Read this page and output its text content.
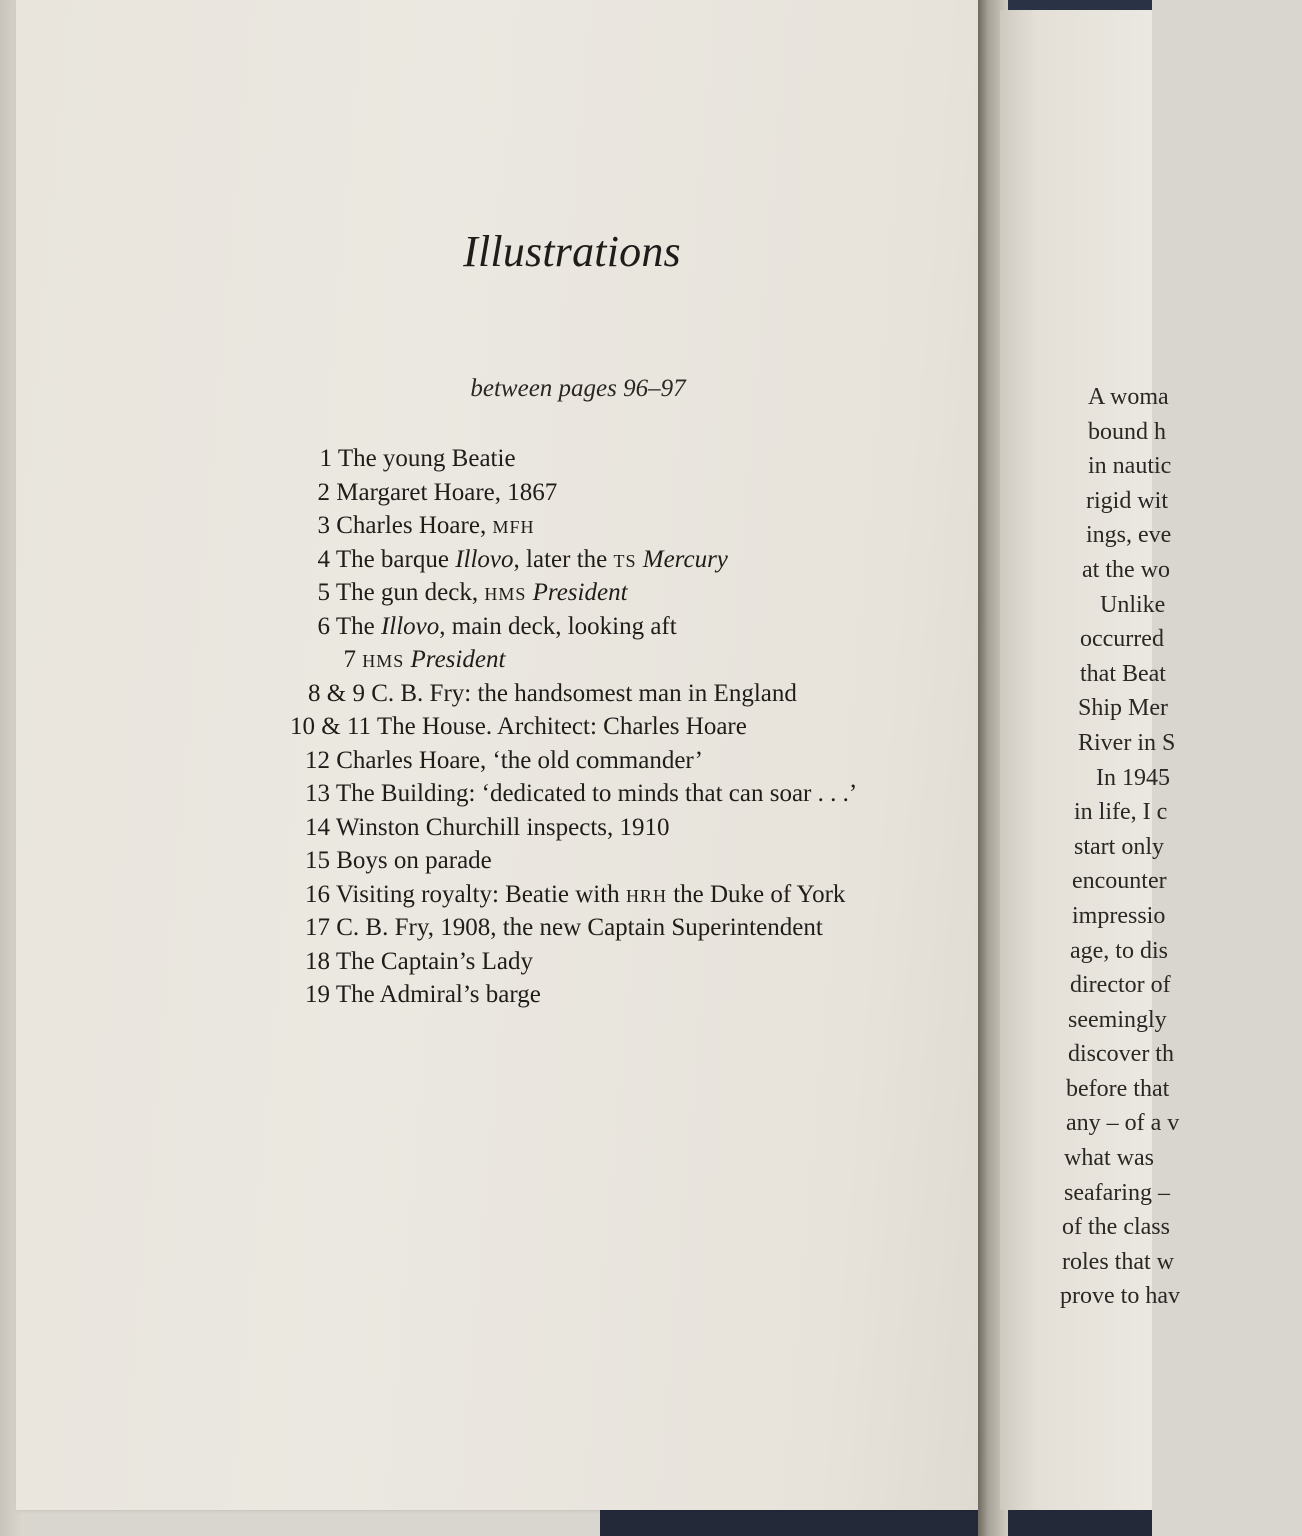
A woma
bound h
in nautic
rigid wit
ings, eve
at the wo
Unlike
occurred
that Beat
Ship Mer
River in S
In 1945
in life, I c
start only
encounter
impressio
age, to dis
director of
seemingly
discover th
before that
any – of a v
what was
seafaring –
of the class
roles that w
prove to hav
Illustrations
between pages 96–97
1 The young Beatie
2 Margaret Hoare, 1867
3 Charles Hoare, MFH
4 The barque Illovo, later the TS Mercury
5 The gun deck, HMS President
6 The Illovo, main deck, looking aft
7 HMS President
8 & 9 C. B. Fry: the handsomest man in England
10 & 11 The House. Architect: Charles Hoare
12 Charles Hoare, ‘the old commander’
13 The Building: ‘dedicated to minds that can soar . . .’
14 Winston Churchill inspects, 1910
15 Boys on parade
16 Visiting royalty: Beatie with HRH the Duke of York
17 C. B. Fry, 1908, the new Captain Superintendent
18 The Captain’s Lady
19 The Admiral’s barge
